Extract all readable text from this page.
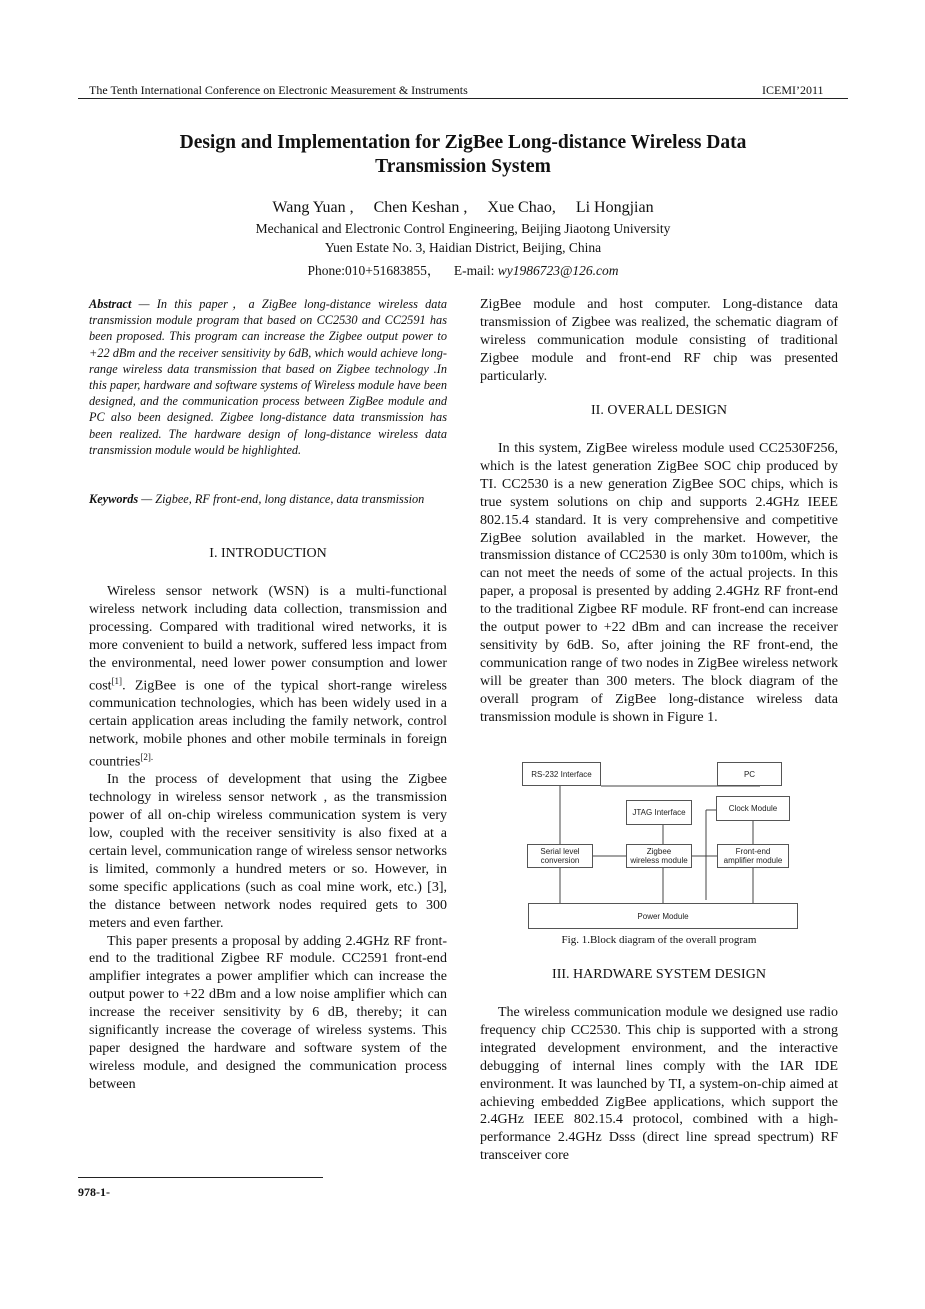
The Tenth International Conference on Electronic Measurement & Instruments	ICEMI’2011
Design and Implementation for ZigBee Long-distance Wireless Data
Transmission System
Wang Yuan , Chen Keshan , Xue Chao, Li Hongjian
Mechanical and Electronic Control Engineering, Beijing Jiaotong University
Yuen Estate No. 3, Haidian District, Beijing, China
Phone:010+51683855， E-mail: wy1986723@126.com
Abstract — In this paper，a ZigBee long-distance wireless data transmission module program that based on CC2530 and CC2591 has been proposed. This program can increase the Zigbee output power to +22 dBm and the receiver sensitivity by 6dB, which would achieve long-range wireless data transmission that based on Zigbee technology .In this paper, hardware and software systems of Wireless module have been designed, and the communication process between ZigBee module and PC also been designed. Zigbee long-distance data transmission has been realized. The hardware design of long-distance wireless data transmission module would be highlighted.
Keywords — Zigbee, RF front-end, long distance, data transmission
I. INTRODUCTION

Wireless sensor network (WSN) is a multi-functional wireless network including data collection, transmission and processing. Compared with traditional wired networks, it is more convenient to build a network, suffered less impact from the environmental, need lower power consumption and lower cost[1]. ZigBee is one of the typical short-range wireless communication technologies, which has been widely used in a certain application areas including the family network, control network, mobile phones and other mobile terminals in foreign countries$^{[2].}$

In the process of development that using the Zigbee technology in wireless sensor network , as the transmission power of all on-chip wireless communication system is very low, coupled with the receiver sensitivity is also fixed at a certain level, communication range of wireless sensor networks is limited, commonly a hundred meters or so. However, in some specific applications (such as coal mine work, etc.) [3], the distance between network nodes required gets to 300 meters and even farther.

This paper presents a proposal by adding 2.4GHz RF front-end to the traditional Zigbee RF module. CC2591 front-end amplifier integrates a power amplifier which can increase the output power to +22 dBm and a low noise amplifier which can increase the receiver sensitivity by 6 dB, thereby; it can significantly increase the coverage of wireless systems. This paper designed the hardware and software system of the wireless module, and designed the communication process between

ZigBee module and host computer. Long-distance data transmission of Zigbee was realized, the schematic diagram of wireless communication module consisting of traditional Zigbee module and front-end RF chip was presented particularly.

II. OVERALL DESIGN

In this system, ZigBee wireless module used CC2530F256, which is the latest generation ZigBee SOC chip produced by TI. CC2530 is a new generation ZigBee SOC chips, which is true system solutions on chip and supports 2.4GHz IEEE 802.15.4 standard. It is very comprehensive and competitive ZigBee solution availabled in the market. However, the transmission distance of CC2530 is only 30m to100m, which is can not meet the needs of some of the actual projects. In this paper, a proposal is presented by adding 2.4GHz RF front-end to the traditional Zigbee RF module. RF front-end can increase the output power to +22 dBm and can increase the receiver sensitivity by 6dB. So, after joining the RF front-end, the communication range of two nodes in ZigBee wireless network will be greater than 300 meters. The block diagram of the overall program of ZigBee long-distance wireless data transmission module is shown in Figure 1.

RS-232 Interface	PC
JTAG Interface	Clock Module
Serial level
conversion
Zigbee
wireless module
Front-end
amplifier module
Power Module
Fig. 1.Block diagram of the overall program
III. HARDWARE SYSTEM DESIGN

The wireless communication module we designed use radio frequency chip CC2530. This chip is supported with a strong integrated development environment, and the interactive debugging of internal lines comply with the IAR IDE environment. It was launched by TI, a system-on-chip aimed at achieving embedded ZigBee applications, which support the 2.4GHz IEEE 802.15.4 protocol, combined with a high-performance 2.4GHz Dsss (direct line spread spectrum) RF transceiver core

978-1-
